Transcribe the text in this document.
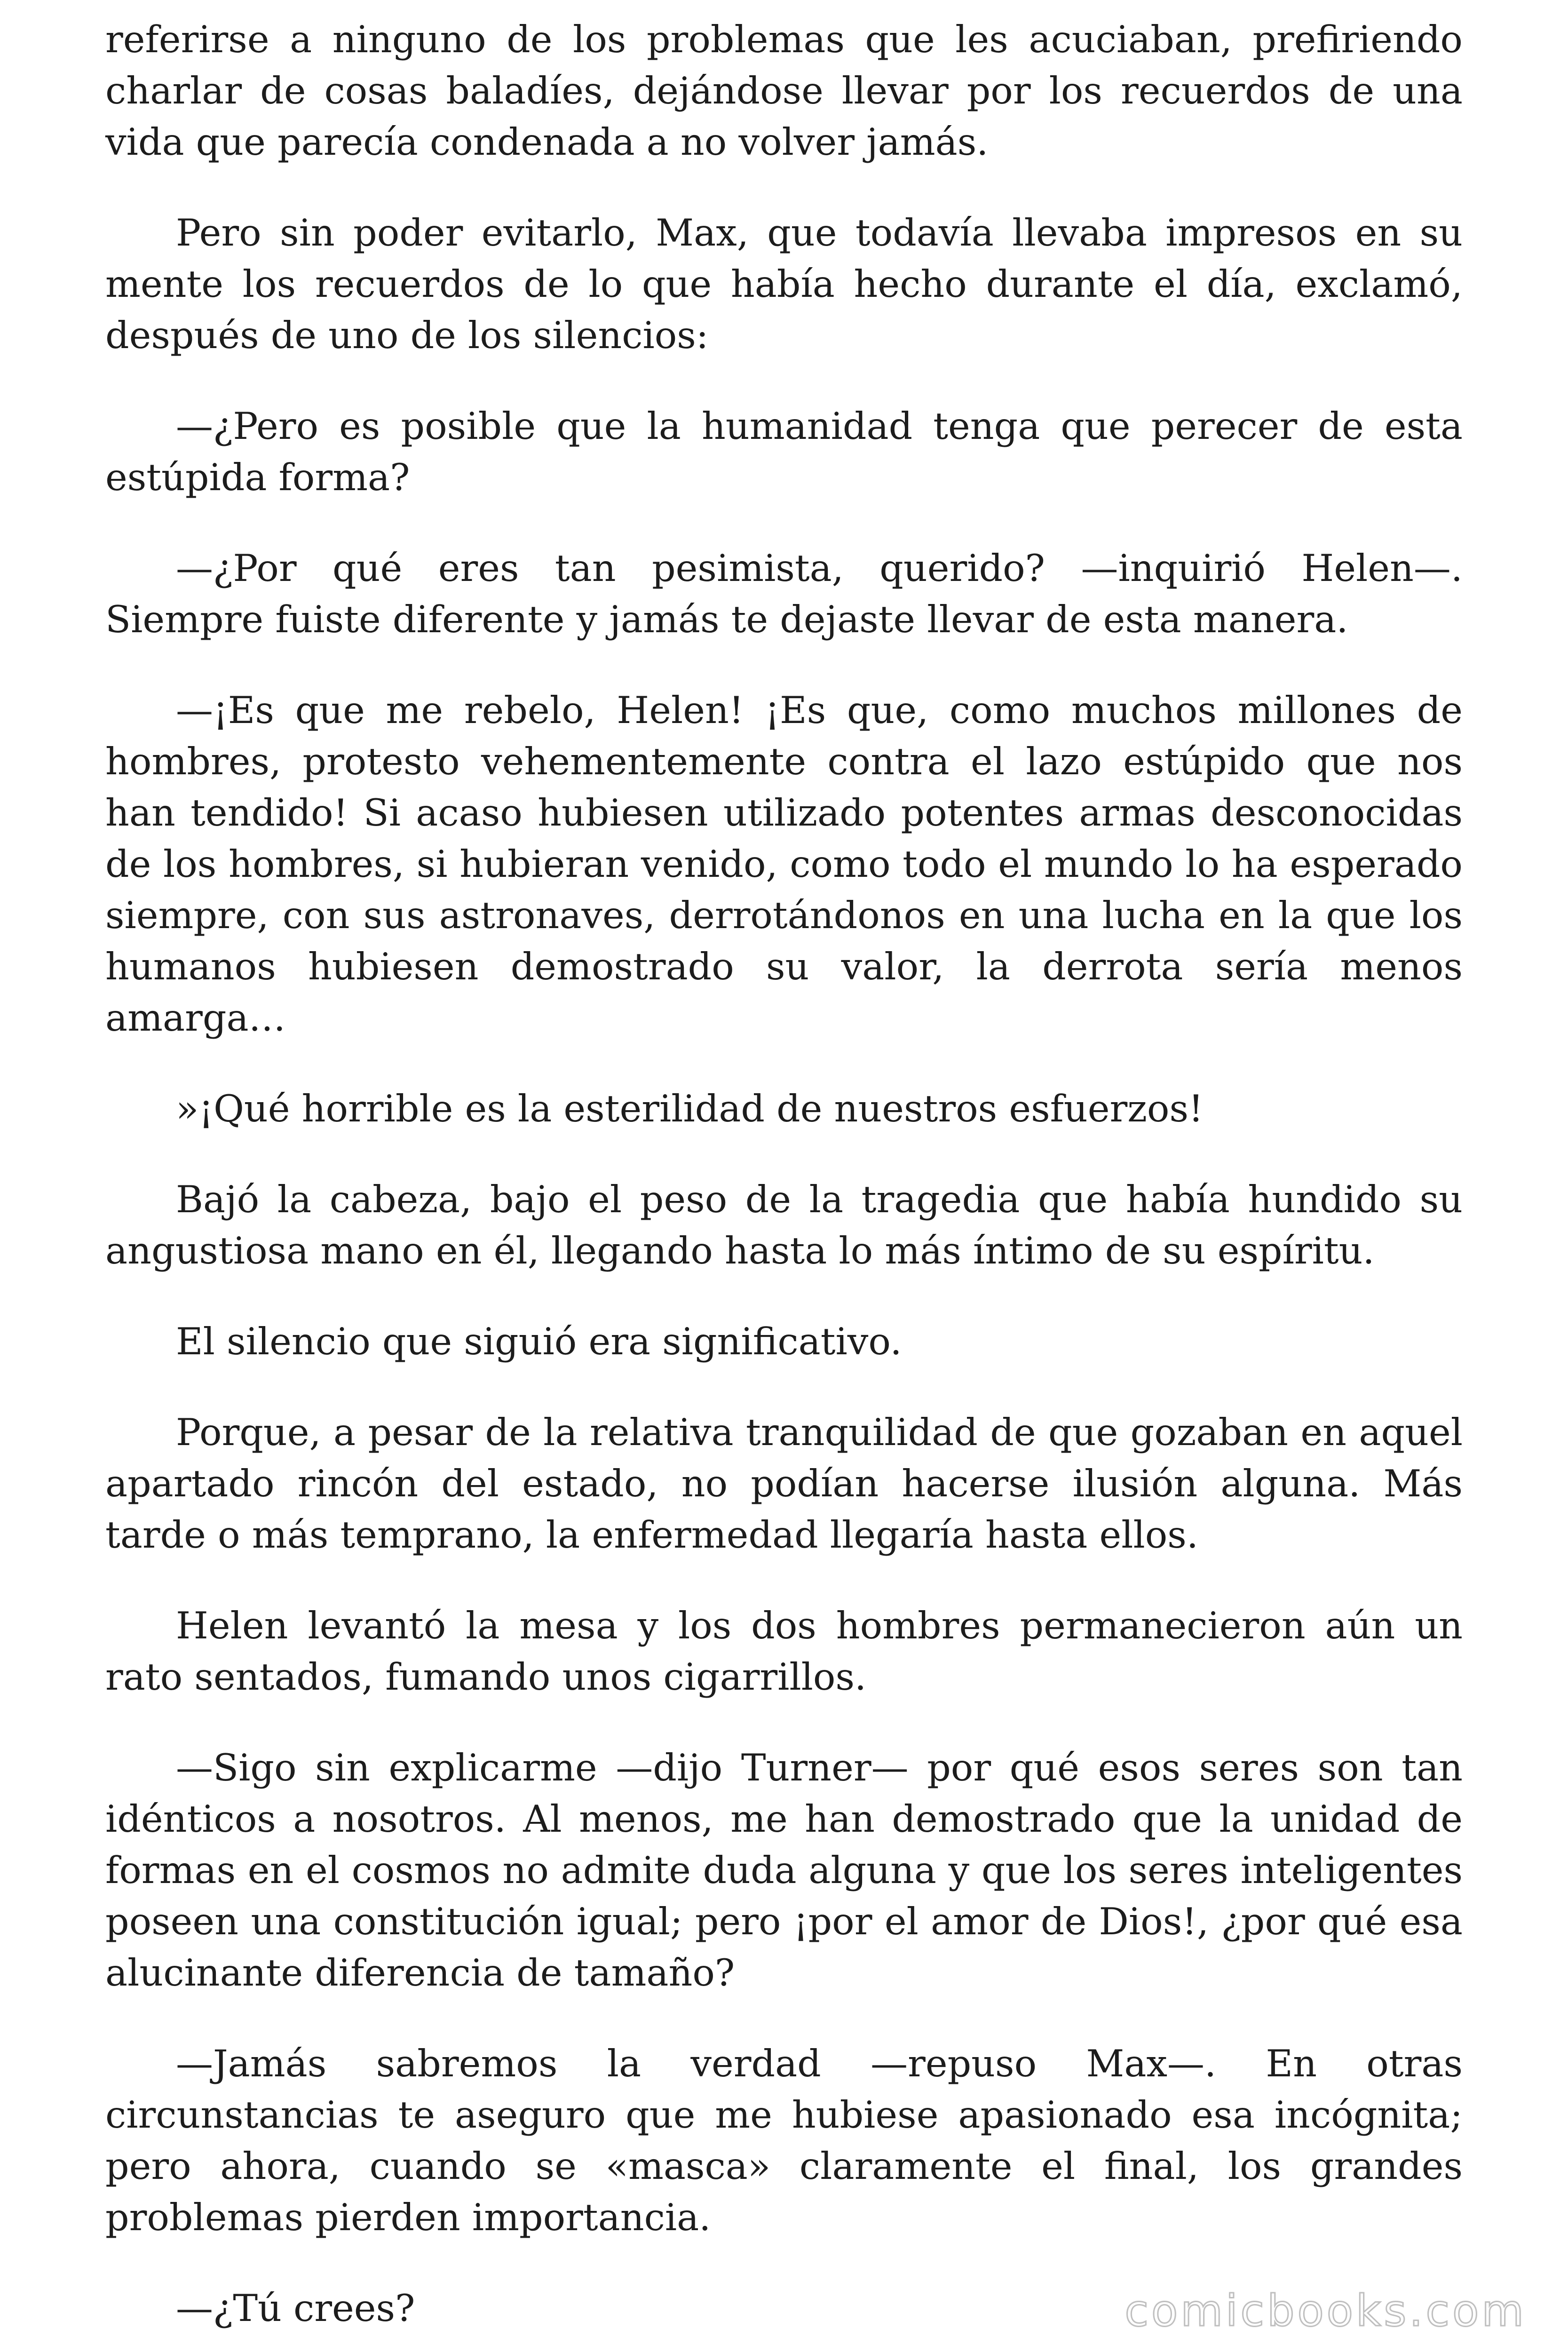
referirse a ninguno de los problemas que les acuciaban, prefiriendo charlar de cosas baladíes, dejándose llevar por los recuerdos de una vida que parecía condenada a no volver jamás.

Pero sin poder evitarlo, Max, que todavía llevaba impresos en su mente los recuerdos de lo que había hecho durante el día, exclamó, después de uno de los silencios:

—¿Pero es posible que la humanidad tenga que perecer de esta estúpida forma?

—¿Por qué eres tan pesimista, querido? —inquirió Helen—. Siempre fuiste diferente y jamás te dejaste llevar de esta manera.

—¡Es que me rebelo, Helen! ¡Es que, como muchos millones de hombres, protesto vehementemente contra el lazo estúpido que nos han tendido! Si acaso hubiesen utilizado potentes armas desconocidas de los hombres, si hubieran venido, como todo el mundo lo ha esperado siempre, con sus astronaves, derrotándonos en una lucha en la que los humanos hubiesen demostrado su valor, la derrota sería menos amarga…

»¡Qué horrible es la esterilidad de nuestros esfuerzos!

Bajó la cabeza, bajo el peso de la tragedia que había hundido su angustiosa mano en él, llegando hasta lo más íntimo de su espíritu.

El silencio que siguió era significativo.

Porque, a pesar de la relativa tranquilidad de que gozaban en aquel apartado rincón del estado, no podían hacerse ilusión alguna. Más tarde o más temprano, la enfermedad llegaría hasta ellos.

Helen levantó la mesa y los dos hombres permanecieron aún un rato sentados, fumando unos cigarrillos.

—Sigo sin explicarme —dijo Turner— por qué esos seres son tan idénticos a nosotros. Al menos, me han demostrado que la unidad de formas en el cosmos no admite duda alguna y que los seres inteligentes poseen una constitución igual; pero ¡por el amor de Dios!, ¿por qué esa alucinante diferencia de tamaño?

—Jamás sabremos la verdad —repuso Max—. En otras circunstancias te aseguro que me hubiese apasionado esa incógnita; pero ahora, cuando se «masca» claramente el final, los grandes problemas pierden importancia.

—¿Tú crees?	comicbooks.com
